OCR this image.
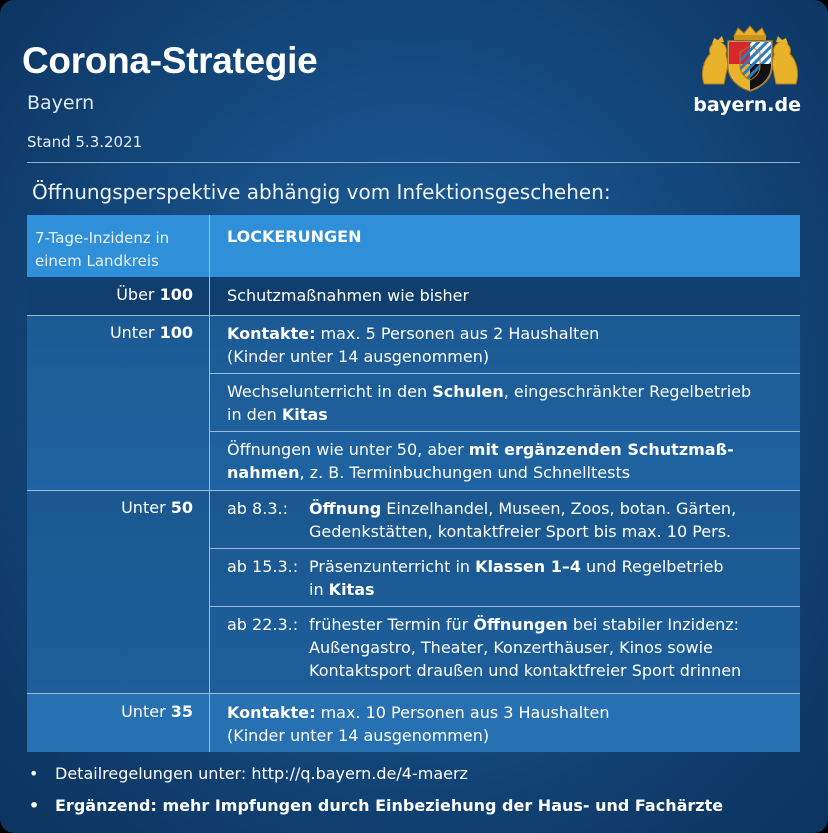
Corona-Strategie
Bayern
Stand 5.3.2021
bayern.de
Öffnungsperspektive abhängig vom Infektionsgeschehen:
7-Tage-Inzidenz in einem Landkreis
LOCKERUNGEN
Über 100 Schutzmaßnahmen wie bisher
Unter 100 Kontakte: max. 5 Personen aus 2 Haushalten
(Kinder unter 14 ausgenommen)
Wechselunterricht in den Schulen, eingeschränkter Regelbetrieb
in den Kitas
Öffnungen wie unter 50, aber mit ergänzenden Schutzmaß-
nahmen, z. B. Terminbuchungen und Schnelltests
Unter 50 ab 8.3.: Öffnung Einzelhandel, Museen, Zoos, botan. Gärten,
Gedenkstätten, kontaktfreier Sport bis max. 10 Pers.
ab 15.3.: Präsenzunterricht in Klassen 1–4 und Regelbetrieb
in Kitas
ab 22.3.: frühester Termin für Öffnungen bei stabiler Inzidenz:
Außengastro, Theater, Konzerthäuser, Kinos sowie
Kontaktsport draußen und kontaktfreier Sport drinnen
Unter 35 Kontakte: max. 10 Personen aus 3 Haushalten
(Kinder unter 14 ausgenommen)
• Detailregelungen unter: http://q.bayern.de/4-maerz
• Ergänzend: mehr Impfungen durch Einbeziehung der Haus- und Fachärzte
